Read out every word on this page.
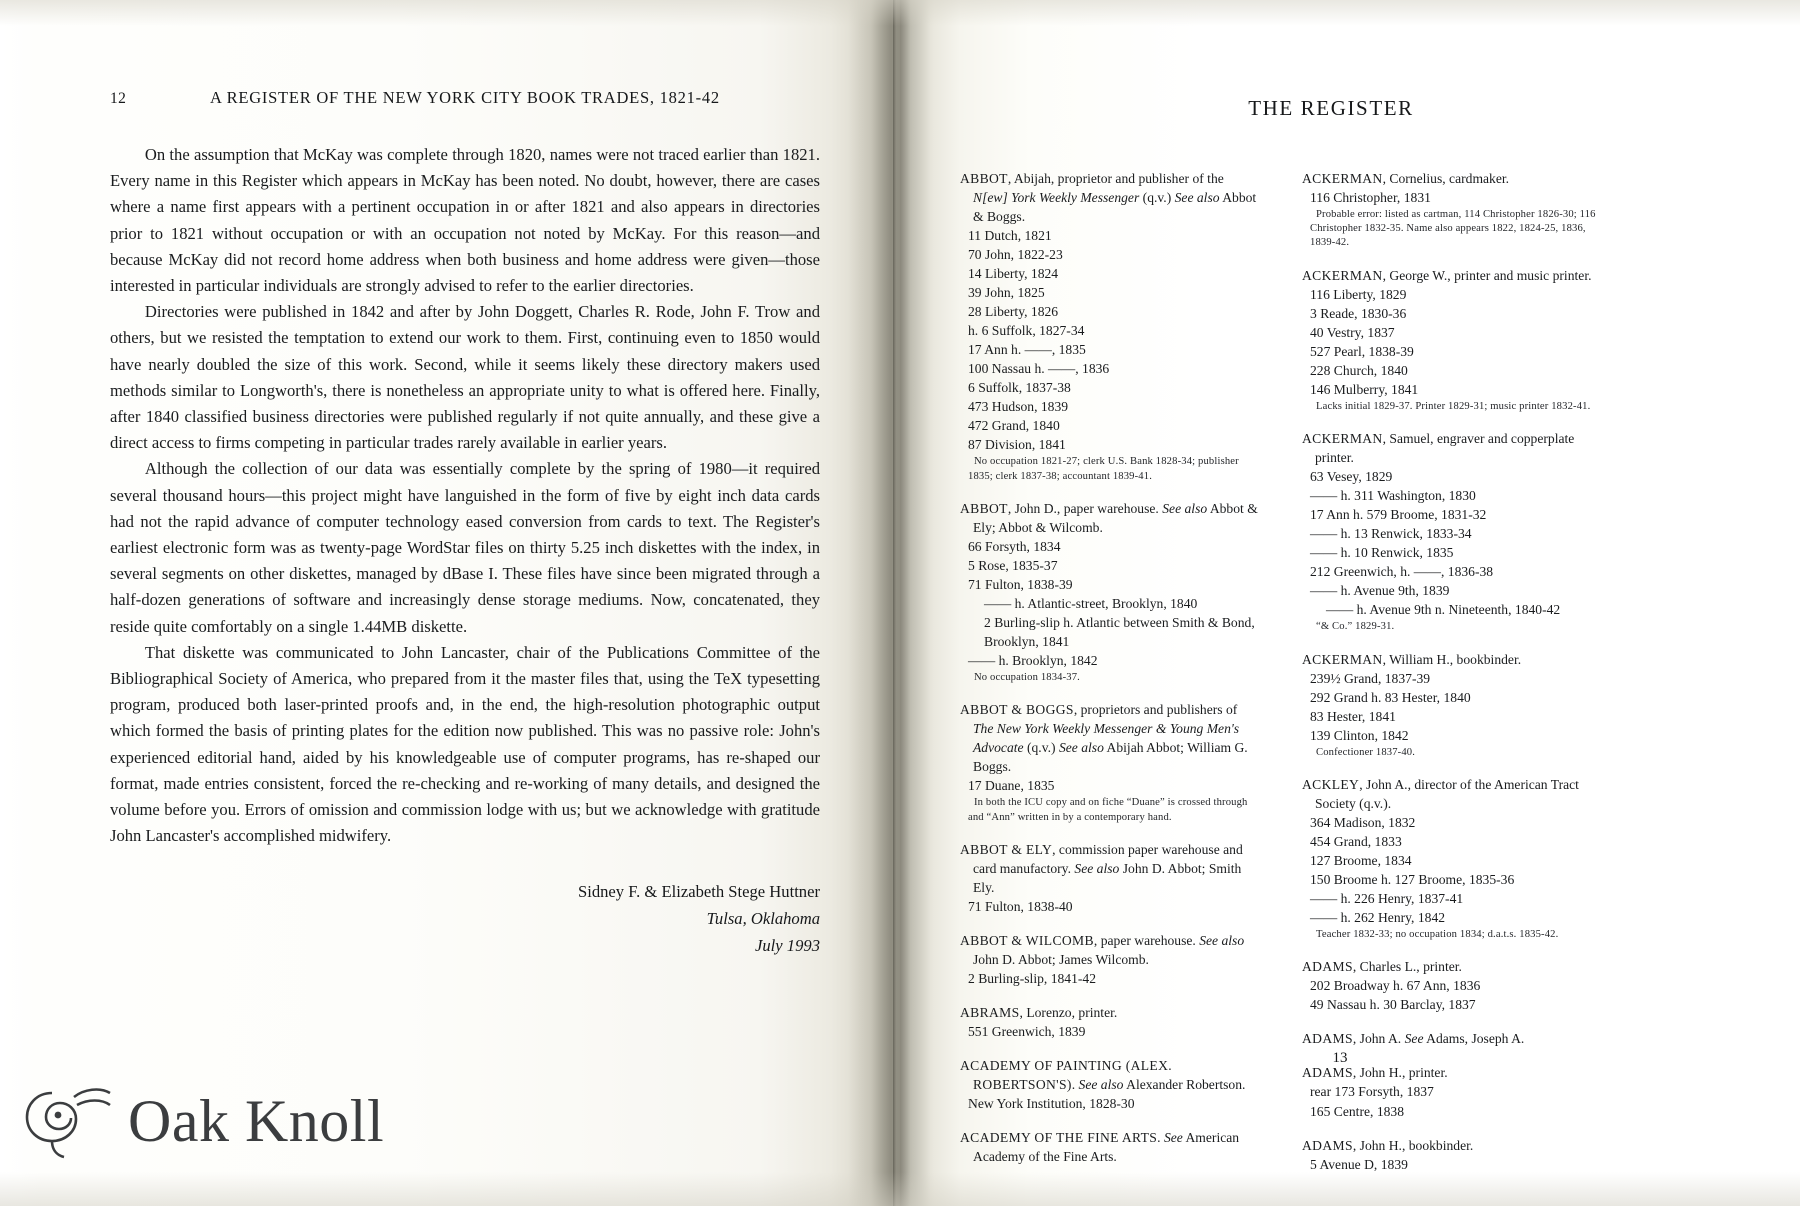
12	A REGISTER OF THE NEW YORK CITY BOOK TRADES, 1821-42

On the assumption that McKay was complete through 1820, names were not traced earlier than 1821. Every name in this Register which appears in McKay has been noted. No doubt, however, there are cases where a name first appears with a pertinent occupation in or after 1821 and also appears in directories prior to 1821 without occupation or with an occupation not noted by McKay. For this reason—and because McKay did not record home address when both business and home address were given—those interested in particular individuals are strongly advised to refer to the earlier directories.

Directories were published in 1842 and after by John Doggett, Charles R. Rode, John F. Trow and others, but we resisted the temptation to extend our work to them. First, continuing even to 1850 would have nearly doubled the size of this work. Second, while it seems likely these directory makers used methods similar to Longworth's, there is nonetheless an appropriate unity to what is offered here. Finally, after 1840 classified business directories were published regularly if not quite annually, and these give a direct access to firms competing in particular trades rarely available in earlier years.

Although the collection of our data was essentially complete by the spring of 1980—it required several thousand hours—this project might have languished in the form of five by eight inch data cards had not the rapid advance of computer technology eased conversion from cards to text. The Register's earliest electronic form was as twenty-page WordStar files on thirty 5.25 inch diskettes with the index, in several segments on other diskettes, managed by dBase I. These files have since been migrated through a half-dozen generations of software and increasingly dense storage mediums. Now, concatenated, they reside quite comfortably on a single 1.44MB diskette.

That diskette was communicated to John Lancaster, chair of the Publications Committee of the Bibliographical Society of America, who prepared from it the master files that, using the TeX typesetting program, produced both laser-printed proofs and, in the end, the high-resolution photographic output which formed the basis of printing plates for the edition now published. This was no passive role: John's experienced editorial hand, aided by his knowledgeable use of computer programs, has re-shaped our format, made entries consistent, forced the re-checking and re-working of many details, and designed the volume before you. Errors of omission and commission lodge with us; but we acknowledge with gratitude John Lancaster's accomplished midwifery.

Sidney F. & Elizabeth Stege Huttner
Tulsa, Oklahoma
July 1993
Oak Knoll
THE REGISTER
ABBOT, Abijah, proprietor and publisher of the N[ew] York Weekly Messenger (q.v.) See also Abbot & Boggs.
11 Dutch, 1821
70 John, 1822-23
14 Liberty, 1824
39 John, 1825
28 Liberty, 1826
h. 6 Suffolk, 1827-34
17 Ann h. ——, 1835
100 Nassau h. ——, 1836
6 Suffolk, 1837-38
473 Hudson, 1839
472 Grand, 1840
87 Division, 1841
No occupation 1821-27; clerk U.S. Bank 1828-34; publisher 1835; clerk 1837-38; accountant 1839-41.
ABBOT, John D., paper warehouse. See also Abbot & Ely; Abbot & Wilcomb.
66 Forsyth, 1834
5 Rose, 1835-37
71 Fulton, 1838-39
—— h. Atlantic-street, Brooklyn, 1840
2 Burling-slip h. Atlantic between Smith & Bond, Brooklyn, 1841
—— h. Brooklyn, 1842
No occupation 1834-37.
ABBOT & BOGGS, proprietors and publishers of The New York Weekly Messenger & Young Men's Advocate (q.v.) See also Abijah Abbot; William G. Boggs.
17 Duane, 1835
In both the ICU copy and on fiche “Duane” is crossed through and “Ann” written in by a contemporary hand.
ABBOT & ELY, commission paper warehouse and card manufactory. See also John D. Abbot; Smith Ely.
71 Fulton, 1838-40
ABBOT & WILCOMB, paper warehouse. See also John D. Abbot; James Wilcomb.
2 Burling-slip, 1841-42
ABRAMS, Lorenzo, printer.
551 Greenwich, 1839
ACADEMY OF PAINTING (ALEX. ROBERTSON'S). See also Alexander Robertson.
New York Institution, 1828-30
ACADEMY OF THE FINE ARTS. See American Academy of the Fine Arts.
ACKERMAN, Cornelius, cardmaker.
116 Christopher, 1831
Probable error: listed as cartman, 114 Christopher 1826-30; 116 Christopher 1832-35. Name also appears 1822, 1824-25, 1836, 1839-42.
ACKERMAN, George W., printer and music printer.
116 Liberty, 1829
3 Reade, 1830-36
40 Vestry, 1837
527 Pearl, 1838-39
228 Church, 1840
146 Mulberry, 1841
Lacks initial 1829-37. Printer 1829-31; music printer 1832-41.
ACKERMAN, Samuel, engraver and copperplate printer.
63 Vesey, 1829
—— h. 311 Washington, 1830
17 Ann h. 579 Broome, 1831-32
—— h. 13 Renwick, 1833-34
—— h. 10 Renwick, 1835
212 Greenwich, h. ——, 1836-38
—— h. Avenue 9th, 1839
—— h. Avenue 9th n. Nineteenth, 1840-42
“& Co.” 1829-31.
ACKERMAN, William H., bookbinder.
239½ Grand, 1837-39
292 Grand h. 83 Hester, 1840
83 Hester, 1841
139 Clinton, 1842
Confectioner 1837-40.
ACKLEY, John A., director of the American Tract Society (q.v.).
364 Madison, 1832
454 Grand, 1833
127 Broome, 1834
150 Broome h. 127 Broome, 1835-36
—— h. 226 Henry, 1837-41
—— h. 262 Henry, 1842
Teacher 1832-33; no occupation 1834; d.a.t.s. 1835-42.
ADAMS, Charles L., printer.
202 Broadway h. 67 Ann, 1836
49 Nassau h. 30 Barclay, 1837
ADAMS, John A. See Adams, Joseph A.
ADAMS, John H., printer.
rear 173 Forsyth, 1837
165 Centre, 1838
ADAMS, John H., bookbinder.
5 Avenue D, 1839
13
